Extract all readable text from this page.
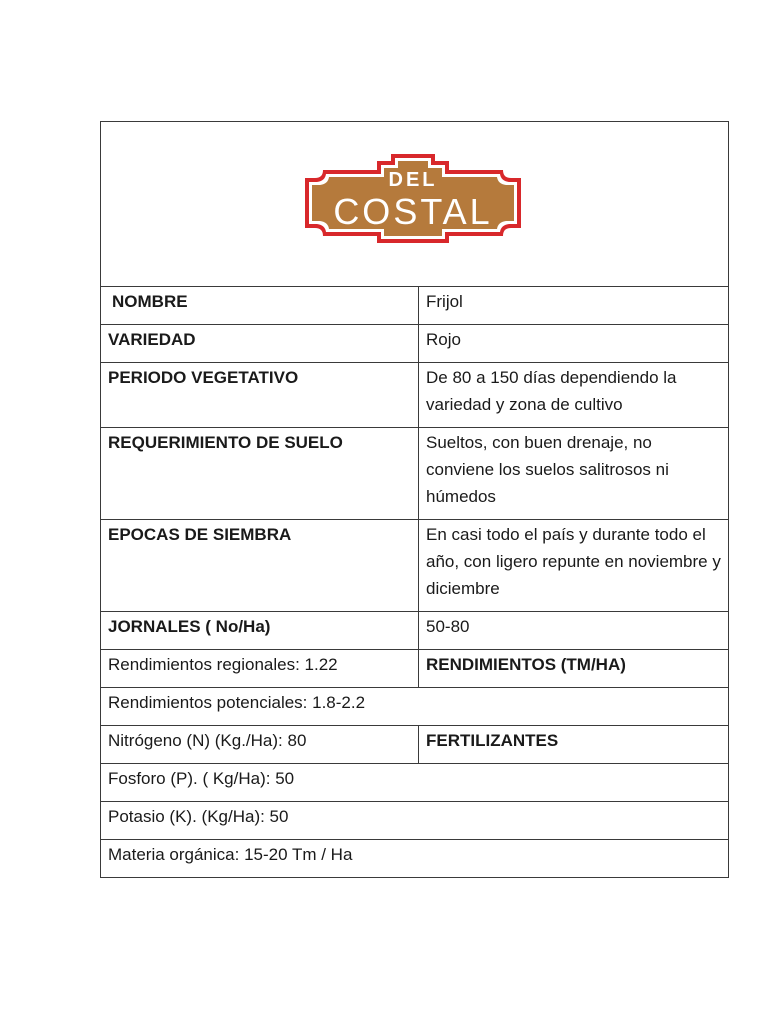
DEL
COSTAL
NOMBRE	Frijol
VARIEDAD	Rojo
PERIODO VEGETATIVO	De 80 a 150 días dependiendo la variedad y zona de cultivo
REQUERIMIENTO DE SUELO	Sueltos, con buen drenaje, no conviene los suelos salitrosos ni húmedos
EPOCAS DE SIEMBRA	En casi todo el país y durante todo el año, con ligero repunte en noviembre y diciembre
JORNALES ( No/Ha)	50-80
Rendimientos regionales: 1.22	RENDIMIENTOS (TM/HA)
Rendimientos potenciales: 1.8-2.2	
Nitrógeno (N) (Kg./Ha): 80	FERTILIZANTES
Fosforo (P). ( Kg/Ha): 50	
Potasio (K). (Kg/Ha): 50	
Materia orgánica: 15-20 Tm / Ha	
